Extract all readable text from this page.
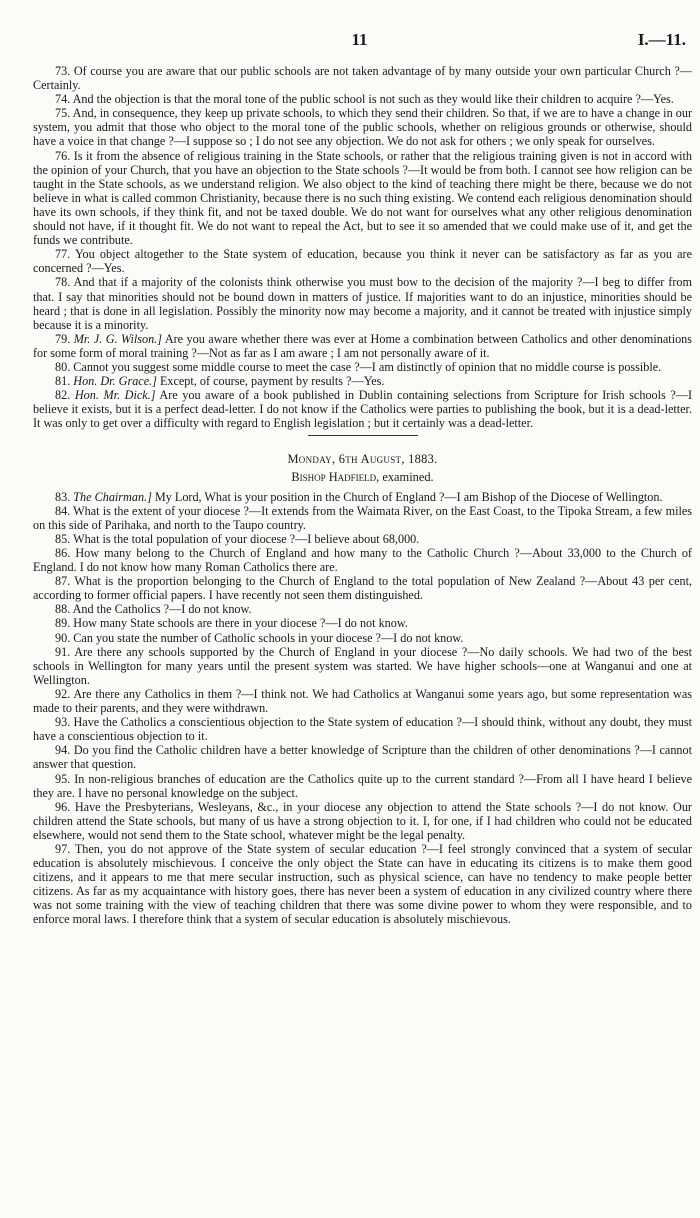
11	I.—11.

73. Of course you are aware that our public schools are not taken advantage of by many outside your own particular Church ?—Certainly.

74. And the objection is that the moral tone of the public school is not such as they would like their children to acquire ?—Yes.

75. And, in consequence, they keep up private schools, to which they send their children. So that, if we are to have a change in our system, you admit that those who object to the moral tone of the public schools, whether on religious grounds or otherwise, should have a voice in that change ?—I suppose so ; I do not see any objection. We do not ask for others ; we only speak for ourselves.

76. Is it from the absence of religious training in the State schools, or rather that the religious training given is not in accord with the opinion of your Church, that you have an objection to the State schools ?—It would be from both. I cannot see how religion can be taught in the State schools, as we understand religion. We also object to the kind of teaching there might be there, because we do not believe in what is called common Christianity, because there is no such thing existing. We contend each religious denomination should have its own schools, if they think fit, and not be taxed double. We do not want for ourselves what any other religious denomination should not have, if it thought fit. We do not want to repeal the Act, but to see it so amended that we could make use of it, and get the funds we contribute.

77. You object altogether to the State system of education, because you think it never can be satisfactory as far as you are concerned ?—Yes.

78. And that if a majority of the colonists think otherwise you must bow to the decision of the majority ?—I beg to differ from that. I say that minorities should not be bound down in matters of justice. If majorities want to do an injustice, minorities should be heard ; that is done in all legislation. Possibly the minority now may become a majority, and it cannot be treated with injustice simply because it is a minority.

79. Mr. J. G. Wilson.] Are you aware whether there was ever at Home a combination between Catholics and other denominations for some form of moral training ?—Not as far as I am aware ; I am not personally aware of it.

80. Cannot you suggest some middle course to meet the case ?—I am distinctly of opinion that no middle course is possible.

81. Hon. Dr. Grace.] Except, of course, payment by results ?—Yes.

82. Hon. Mr. Dick.] Are you aware of a book published in Dublin containing selections from Scripture for Irish schools ?—I believe it exists, but it is a perfect dead-letter. I do not know if the Catholics were parties to publishing the book, but it is a dead-letter. It was only to get over a difficulty with regard to English legislation ; but it certainly was a dead-letter.

Monday, 6th August, 1883.
Bishop Hadfield, examined.

83. The Chairman.] My Lord, What is your position in the Church of England ?—I am Bishop of the Diocese of Wellington.

84. What is the extent of your diocese ?—It extends from the Waimata River, on the East Coast, to the Tipoka Stream, a few miles on this side of Parihaka, and north to the Taupo country.

85. What is the total population of your diocese ?—I believe about 68,000.

86. How many belong to the Church of England and how many to the Catholic Church ?—About 33,000 to the Church of England. I do not know how many Roman Catholics there are.

87. What is the proportion belonging to the Church of England to the total population of New Zealand ?—About 43 per cent, according to former official papers. I have recently not seen them distinguished.

88. And the Catholics ?—I do not know.

89. How many State schools are there in your diocese ?—I do not know.

90. Can you state the number of Catholic schools in your diocese ?—I do not know.

91. Are there any schools supported by the Church of England in your diocese ?—No daily schools. We had two of the best schools in Wellington for many years until the present system was started. We have higher schools—one at Wanganui and one at Wellington.

92. Are there any Catholics in them ?—I think not. We had Catholics at Wanganui some years ago, but some representation was made to their parents, and they were withdrawn.

93. Have the Catholics a conscientious objection to the State system of education ?—I should think, without any doubt, they must have a conscientious objection to it.

94. Do you find the Catholic children have a better knowledge of Scripture than the children of other denominations ?—I cannot answer that question.

95. In non-religious branches of education are the Catholics quite up to the current standard ?—From all I have heard I believe they are. I have no personal knowledge on the subject.

96. Have the Presbyterians, Wesleyans, &c., in your diocese any objection to attend the State schools ?—I do not know. Our children attend the State schools, but many of us have a strong objection to it. I, for one, if I had children who could not be educated elsewhere, would not send them to the State school, whatever might be the legal penalty.

97. Then, you do not approve of the State system of secular education ?—I feel strongly convinced that a system of secular education is absolutely mischievous. I conceive the only object the State can have in educating its citizens is to make them good citizens, and it appears to me that mere secular instruction, such as physical science, can have no tendency to make people better citizens. As far as my acquaintance with history goes, there has never been a system of education in any civilized country where there was not some training with the view of teaching children that there was some divine power to whom they were responsible, and to enforce moral laws. I therefore think that a system of secular education is absolutely mischievous.
